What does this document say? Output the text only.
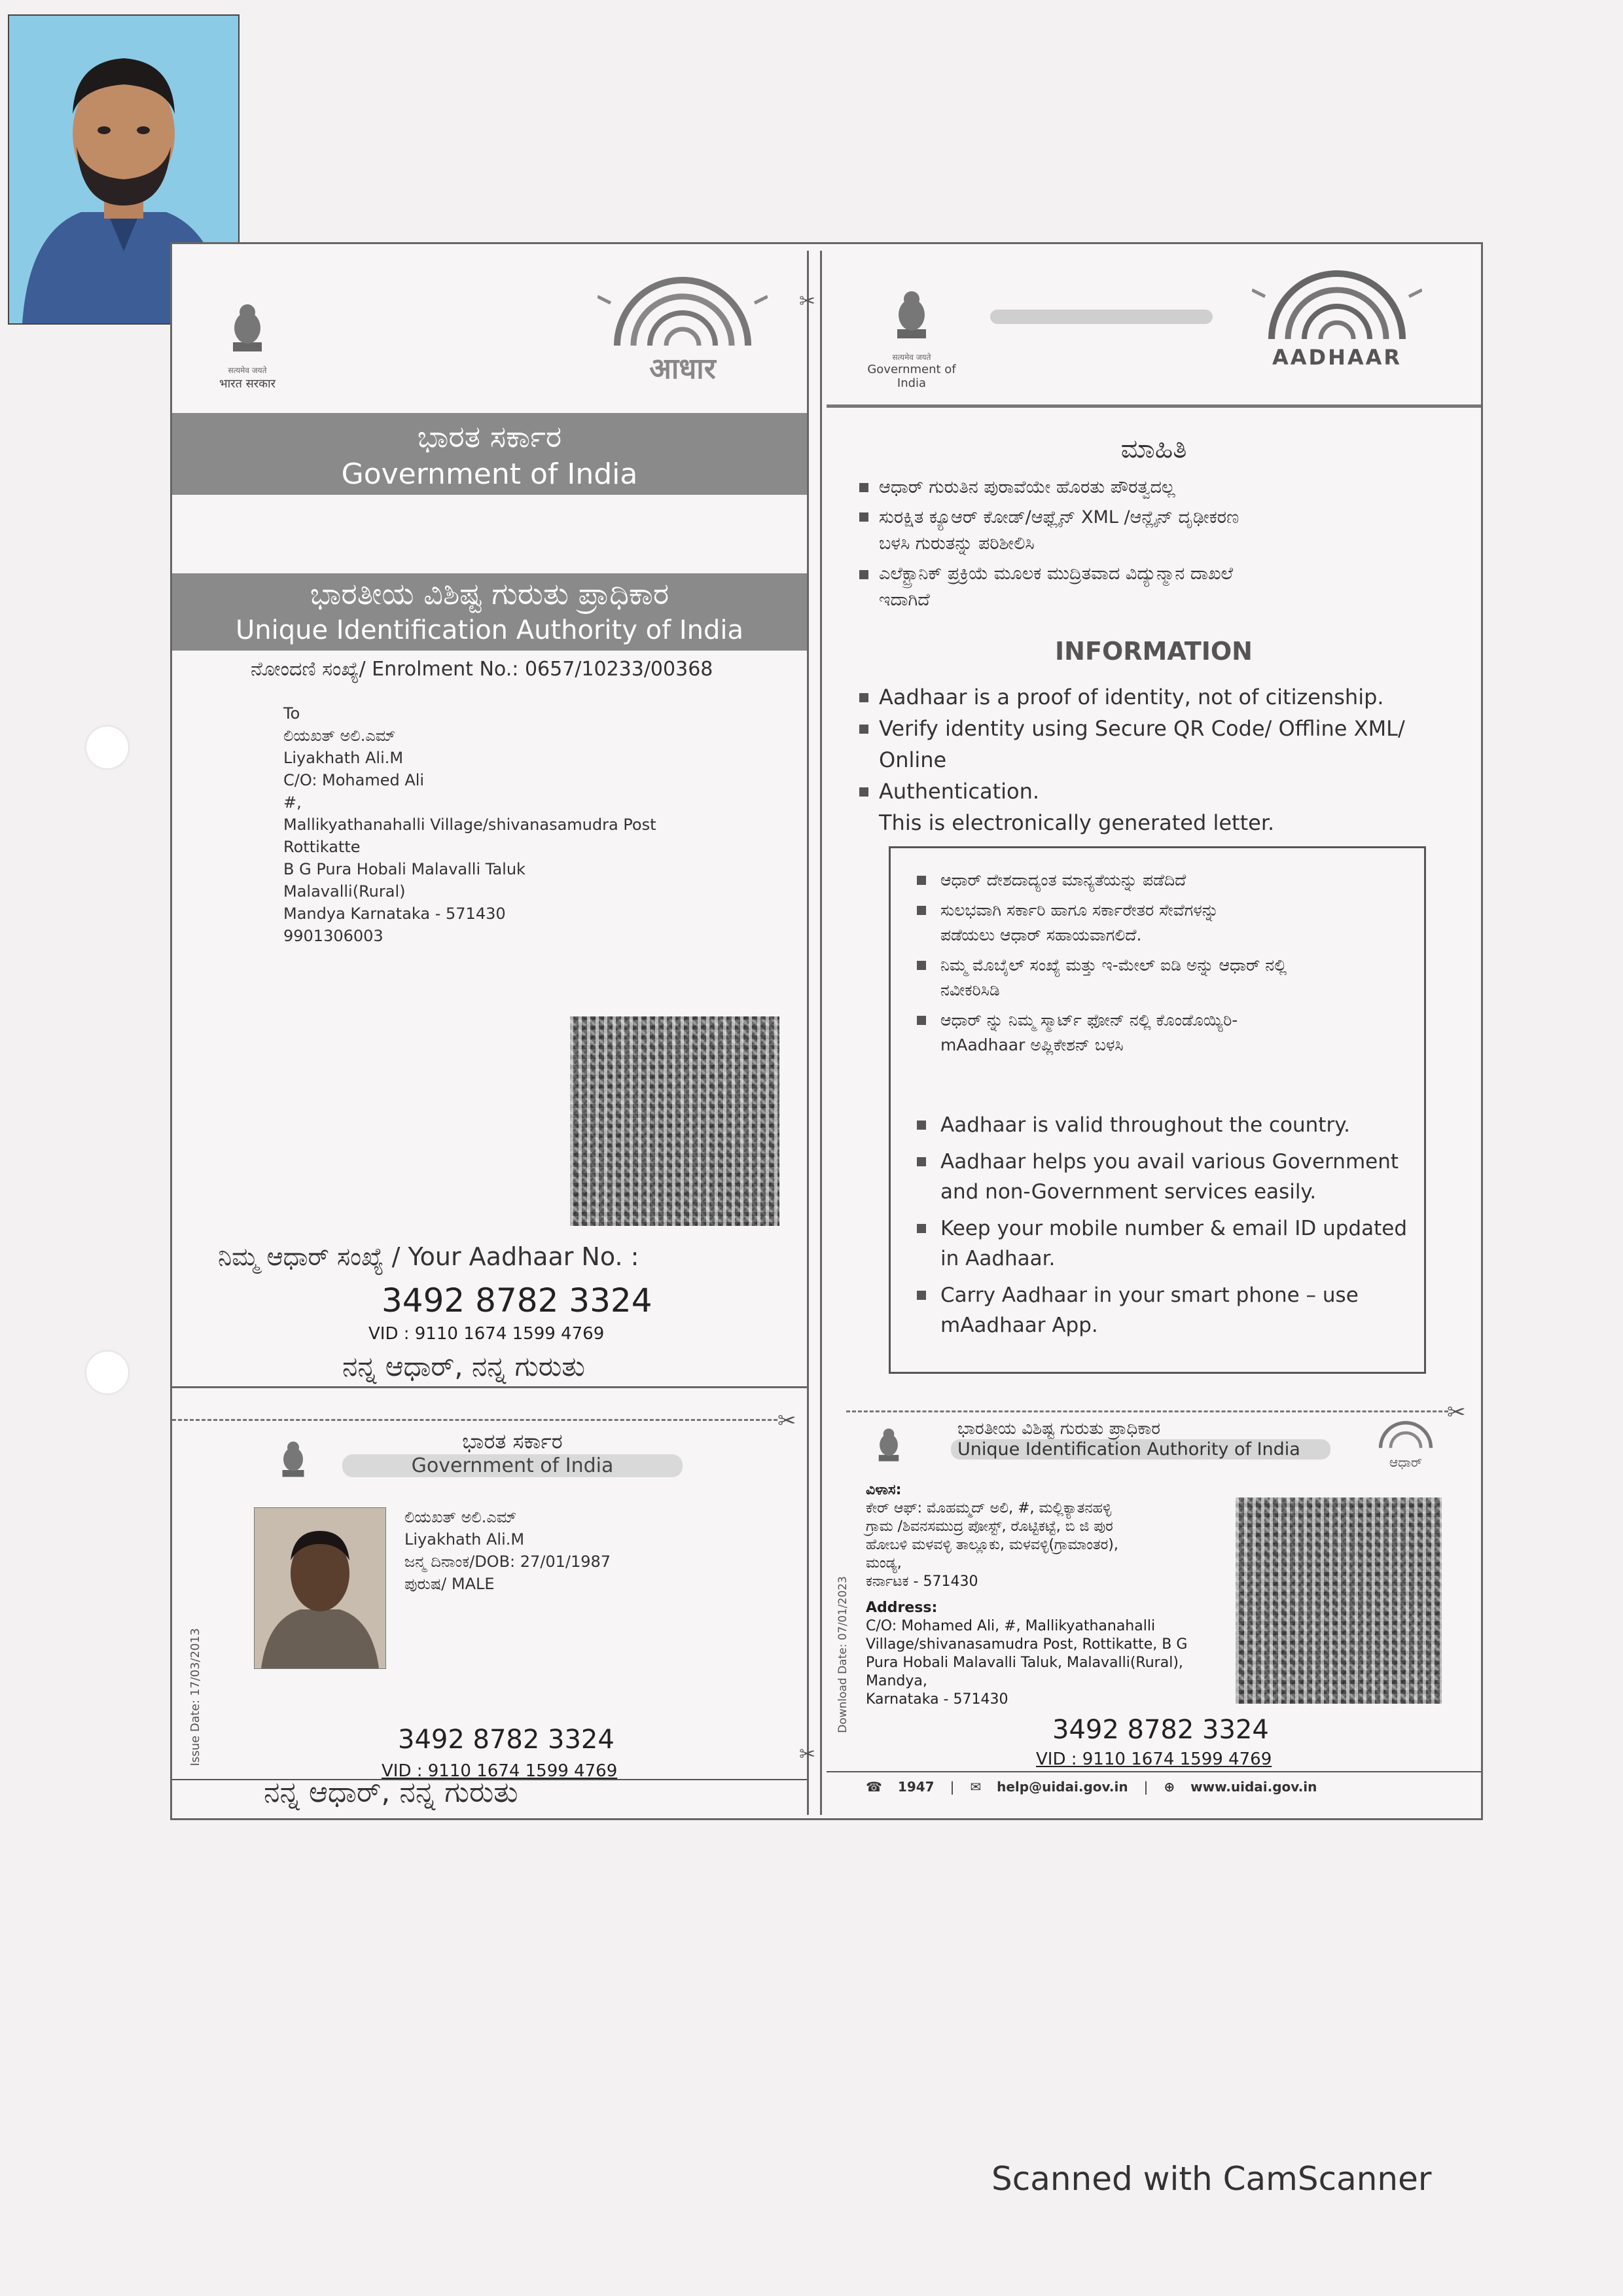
सत्यमेव जयते
भारत सरकार	आधार
ಭಾರತ ಸರ್ಕಾರ
Government of India
ಭಾರತೀಯ ವಿಶಿಷ್ಟ ಗುರುತು ಪ್ರಾಧಿಕಾರ
Unique Identification Authority of India
ನೋಂದಣಿ ಸಂಖ್ಯೆ/ Enrolment No.: 0657/10233/00368
To
ಲಿಯಖತ್ ಅಲಿ.ಎಮ್
Liyakhath Ali.M
C/O: Mohamed Ali
#,
Mallikyathanahalli Village/shivanasamudra Post
Rottikatte
B G Pura Hobali Malavalli Taluk
Malavalli(Rural)
Mandya Karnataka - 571430
9901306003
ನಿಮ್ಮ ಆಧಾರ್ ಸಂಖ್ಯೆ / Your Aadhaar No. :
3492 8782 3324
VID : 9110 1674 1599 4769
ನನ್ನ ಆಧಾರ್, ನನ್ನ ಗುರುತು
सत्यमेव जयते
Government of India
AADHAAR
ಮಾಹಿತಿ
ಆಧಾರ್ ಗುರುತಿನ ಪುರಾವೆಯೇ ಹೊರತು ಪೌರತ್ವದಲ್ಲ
ಸುರಕ್ಷಿತ ಕ್ಯೂಆರ್ ಕೋಡ್/ಆಫ್ಲೈನ್ XML /ಆನ್ಲೈನ್ ದೃಢೀಕರಣ
ಬಳಸಿ ಗುರುತನ್ನು ಪರಿಶೀಲಿಸಿ
ಎಲೆಕ್ಟ್ರಾನಿಕ್ ಪ್ರಕ್ರಿಯೆ ಮೂಲಕ ಮುದ್ರಿತವಾದ ವಿದ್ಯುನ್ಮಾನ ದಾಖಲೆ
ಇದಾಗಿದೆ
INFORMATION
Aadhaar is a proof of identity, not of citizenship.
Verify identity using Secure QR Code/ Offline XML/ Online
Authentication.
This is electronically generated letter.
ಆಧಾರ್ ದೇಶದಾದ್ಯಂತ ಮಾನ್ಯತೆಯನ್ನು ಪಡೆದಿದೆ
ಸುಲಭವಾಗಿ ಸರ್ಕಾರಿ ಹಾಗೂ ಸರ್ಕಾರೇತರ ಸೇವೆಗಳನ್ನು
ಪಡೆಯಲು ಆಧಾರ್ ಸಹಾಯವಾಗಲಿದೆ.
ನಿಮ್ಮ ಮೊಬೈಲ್ ಸಂಖ್ಯೆ ಮತ್ತು ಇ-ಮೇಲ್ ಐಡಿ ಅನ್ನು ಆಧಾರ್ ನಲ್ಲಿ
ನವೀಕರಿಸಿಡಿ
ಆಧಾರ್ ನ್ನು ನಿಮ್ಮ ಸ್ಮಾರ್ಟ್ ಫೋನ್ ನಲ್ಲಿ ಕೊಂಡೊಯ್ಯಿರಿ-
mAadhaar ಅಪ್ಲಿಕೇಶನ್ ಬಳಸಿ
Aadhaar is valid throughout the country.
Aadhaar helps you avail various Government
and non-Government services easily.
Keep your mobile number & email ID updated
in Aadhaar.
Carry Aadhaar in your smart phone – use
mAadhaar App.
✂	✂
✂
✂
ಭಾರತ ಸರ್ಕಾರ
Government of India
Issue Date: 17/03/2013
ಲಿಯಖತ್ ಅಲಿ.ಎಮ್
Liyakhath Ali.M
ಜನ್ಮ ದಿನಾಂಕ/DOB: 27/01/1987
ಪುರುಷ/ MALE
3492 8782 3324
VID : 9110 1674 1599 4769
ನನ್ನ ಆಧಾರ್, ನನ್ನ ಗುರುತು
ಭಾರತೀಯ ವಿಶಿಷ್ಟ ಗುರುತು ಪ್ರಾಧಿಕಾರ
Unique Identification Authority of India
ಆಧಾರ್
Download Date: 07/01/2023
ವಿಳಾಸ:
ಕೇರ್ ಆಫ್: ಮೊಹಮ್ಮದ್ ಅಲಿ, #, ಮಲ್ಲಿಕ್ಯಾತನಹಳ್ಳಿ
ಗ್ರಾಮ /ಶಿವನಸಮುದ್ರ ಪೋಸ್ಟ್, ರೊಟ್ಟಿಕಟ್ಟೆ, ಬಿ ಜಿ ಪುರ
ಹೋಬಳಿ ಮಳವಳ್ಳಿ ತಾಲ್ಲೂಕು, ಮಳವಳ್ಳಿ(ಗ್ರಾಮಾಂತರ),
ಮಂಡ್ಯ,
ಕರ್ನಾಟಕ - 571430
Address:
C/O: Mohamed Ali, #, Mallikyathanahalli
Village/shivanasamudra Post, Rottikatte, B G
Pura Hobali Malavalli Taluk, Malavalli(Rural),
Mandya,
Karnataka - 571430
3492 8782 3324
VID : 9110 1674 1599 4769
☎ 1947 | ✉ help@uidai.gov.in | ⊕ www.uidai.gov.in
Scanned with CamScanner
